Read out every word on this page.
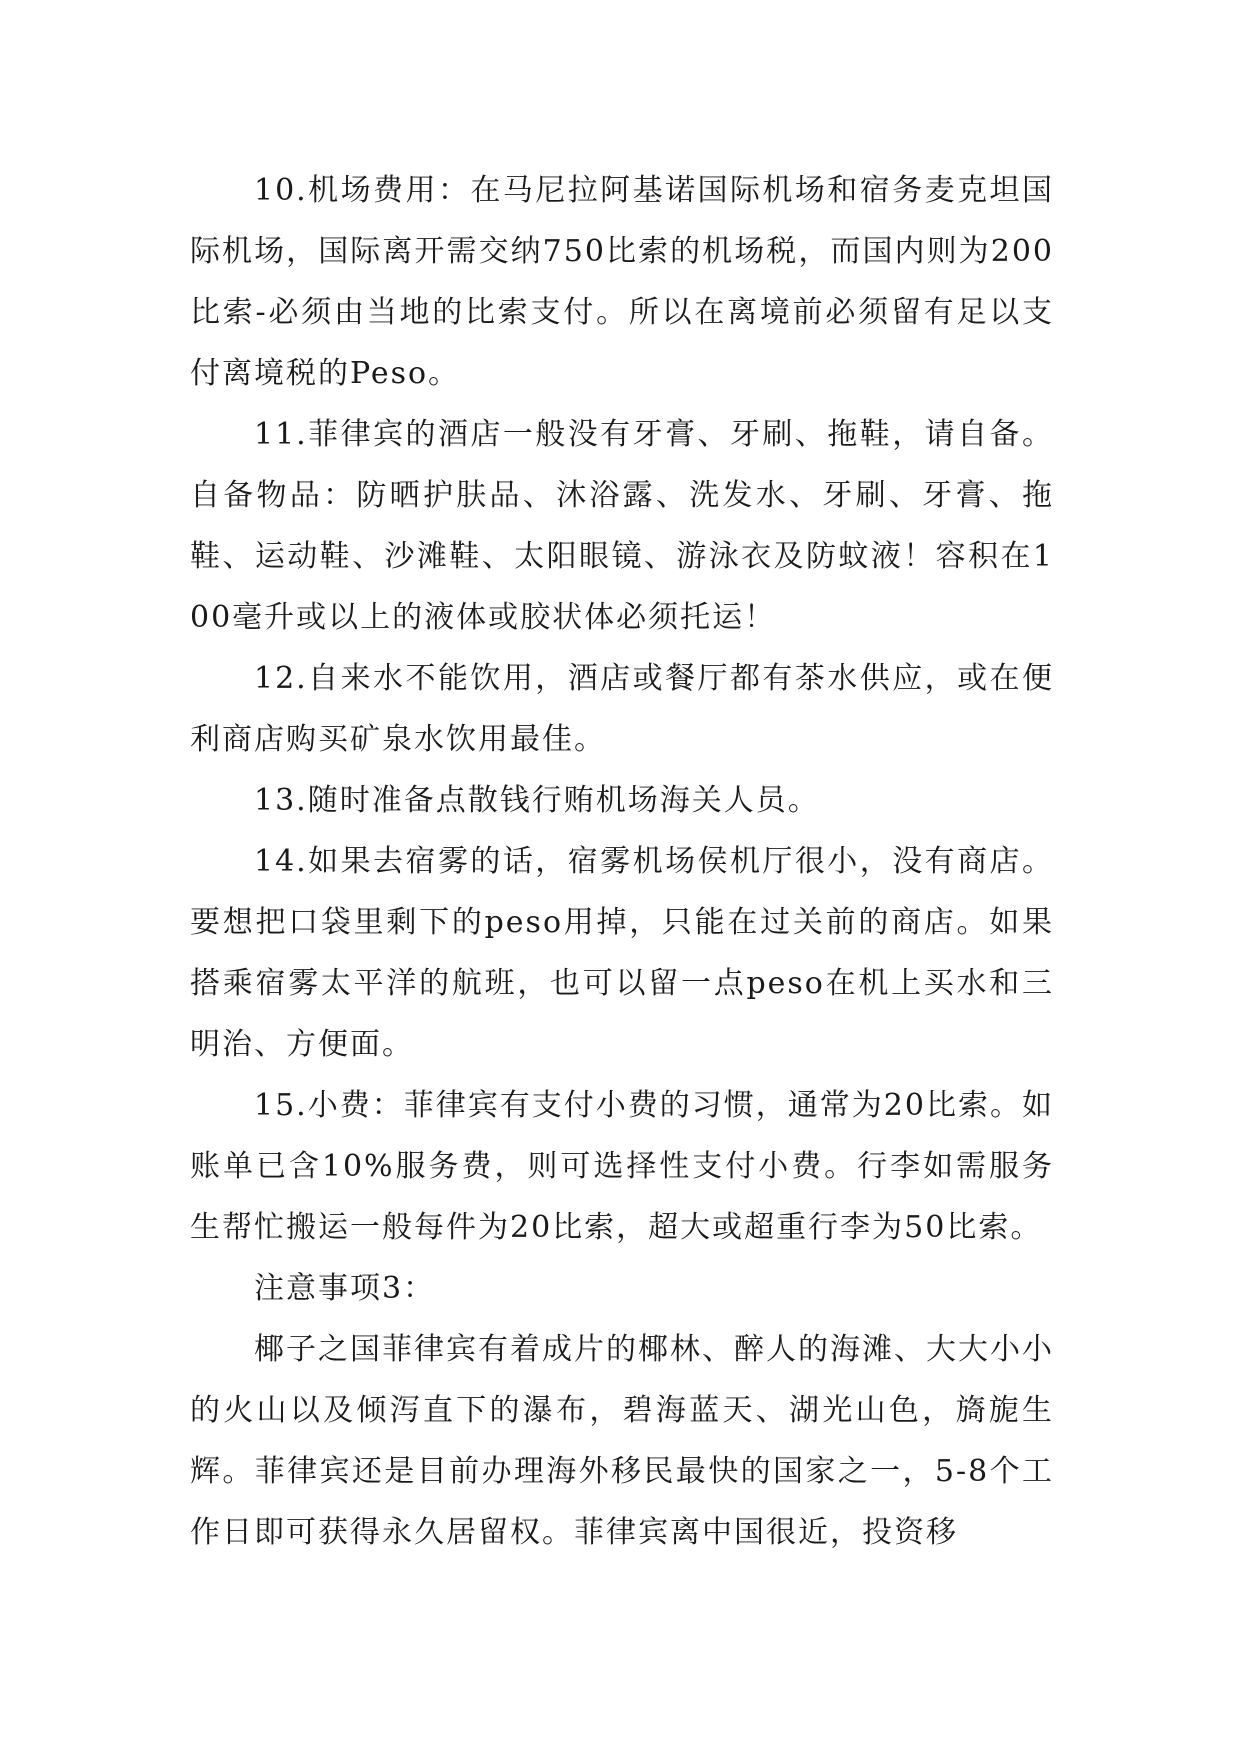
10.机场费用：在马尼拉阿基诺国际机场和宿务麦克坦国际机场，国际离开需交纳750比索的机场税，而国内则为200比索-必须由当地的比索支付。所以在离境前必须留有足以支付离境税的Peso。

11.菲律宾的酒店一般没有牙膏、牙刷、拖鞋，请自备。自备物品：防晒护肤品、沐浴露、洗发水、牙刷、牙膏、拖鞋、运动鞋、沙滩鞋、太阳眼镜、游泳衣及防蚊液！容积在100毫升或以上的液体或胶状体必须托运！

12.自来水不能饮用，酒店或餐厅都有茶水供应，或在便利商店购买矿泉水饮用最佳。

13.随时准备点散钱行贿机场海关人员。

14.如果去宿雾的话，宿雾机场侯机厅很小，没有商店。要想把口袋里剩下的peso用掉，只能在过关前的商店。如果搭乘宿雾太平洋的航班，也可以留一点peso在机上买水和三明治、方便面。

15.小费：菲律宾有支付小费的习惯，通常为20比索。如账单已含10%服务费，则可选择性支付小费。行李如需服务生帮忙搬运一般每件为20比索，超大或超重行李为50比索。

注意事项3：

椰子之国菲律宾有着成片的椰林、醉人的海滩、大大小小的火山以及倾泻直下的瀑布，碧海蓝天、湖光山色，旖旎生辉。菲律宾还是目前办理海外移民最快的国家之一，5-8个工作日即可获得永久居留权。菲律宾离中国很近，投资移
